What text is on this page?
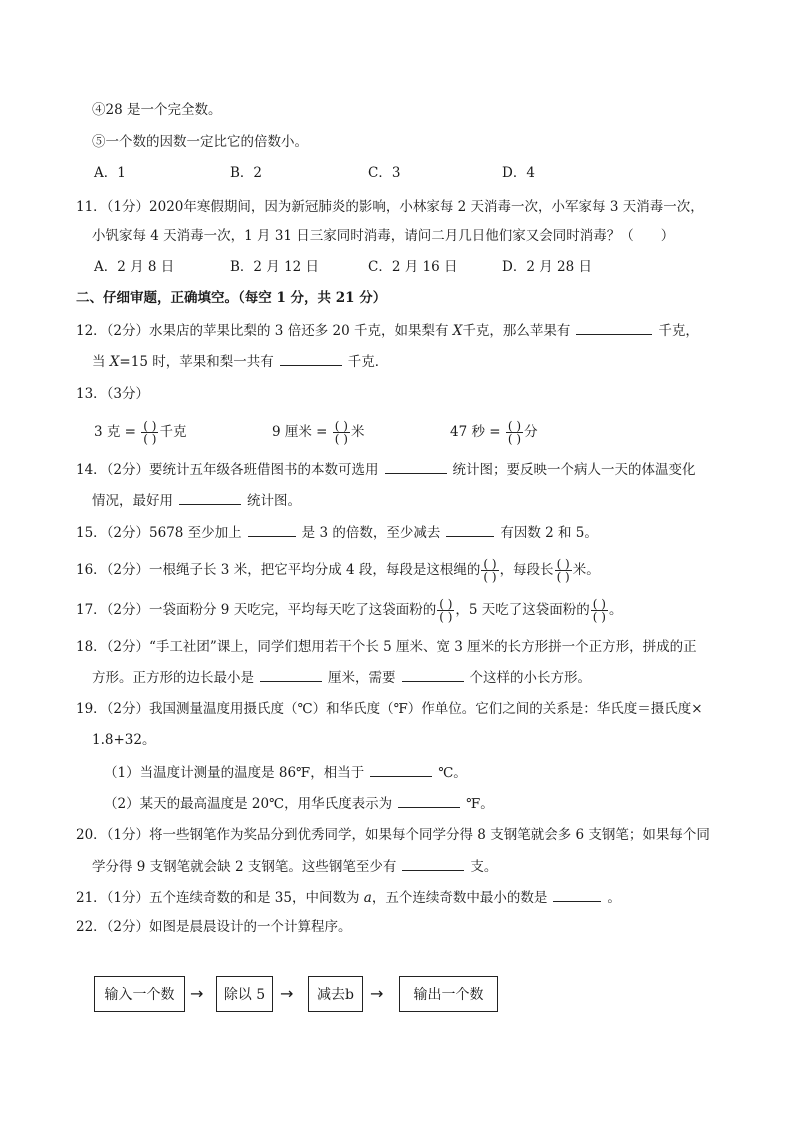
④28 是一个完全数。
⑤一个数的因数一定比它的倍数小。
A．1	B．2	C．3	D．4
11．（1分）2020年寒假期间，因为新冠肺炎的影响，小林家每 2 天消毒一次，小军家每 3 天消毒一次，
小钒家每 4 天消毒一次，1 月 31 日三家同时消毒，请问二月几日他们家又会同时消毒？（　　）
A．2 月 8 日	B．2 月 12 日	C．2 月 16 日	D．2 月 28 日
二、仔细审题，正确填空。（每空 1 分，共 21 分）
12．（2分）水果店的苹果比梨的 3 倍还多 20 千克，如果梨有 X千克，那么苹果有	千克，
当 X=15 时，苹果和梨一共有	千克．
13．（3分）
3 克 = $\frac{( )}{( )}$ 千克	9 厘米 = $\frac{( )}{( )}$ 米	47 秒 = $\frac{( )}{( )}$ 分
14．（2分）要统计五年级各班借图书的本数可选用	统计图；要反映一个病人一天的体温变化
情况，最好用	统计图。
15．（2分）5678 至少加上	是 3 的倍数，至少减去	有因数 2 和 5。
16．（2分）一根绳子长 3 米，把它平均分成 4 段，每段是这根绳的 $\frac{( )}{( )}$ ，每段长 $\frac{( )}{( )}$ 米。
17．（2分）一袋面粉分 9 天吃完，平均每天吃了这袋面粉的 $\frac{( )}{( )}$ ，5 天吃了这袋面粉的 $\frac{( )}{( )}$ 。
18．（2分）“手工社团”课上，同学们想用若干个长 5 厘米、宽 3 厘米的长方形拼一个正方形，拼成的正
方形。正方形的边长最小是	厘米，需要	个这样的小长方形。
19．（2分）我国测量温度用摄氏度（℃）和华氏度（℉）作单位。它们之间的关系是：华氏度＝摄氏度×
1.8+32。
（1）当温度计测量的温度是 86℉，相当于	℃。
（2）某天的最高温度是 20℃，用华氏度表示为	℉。
20．（1分）将一些钢笔作为奖品分到优秀同学，如果每个同学分得 8 支钢笔就会多 6 支钢笔；如果每个同
学分得 9 支钢笔就会缺 2 支钢笔。这些钢笔至少有	支。
21．（1分）五个连续奇数的和是 35，中间数为 a，五个连续奇数中最小的数是	。
22．（2分）如图是晨晨设计的一个计算程序。
输入一个数 →	除以 5 →	减去b	→	输出一个数
